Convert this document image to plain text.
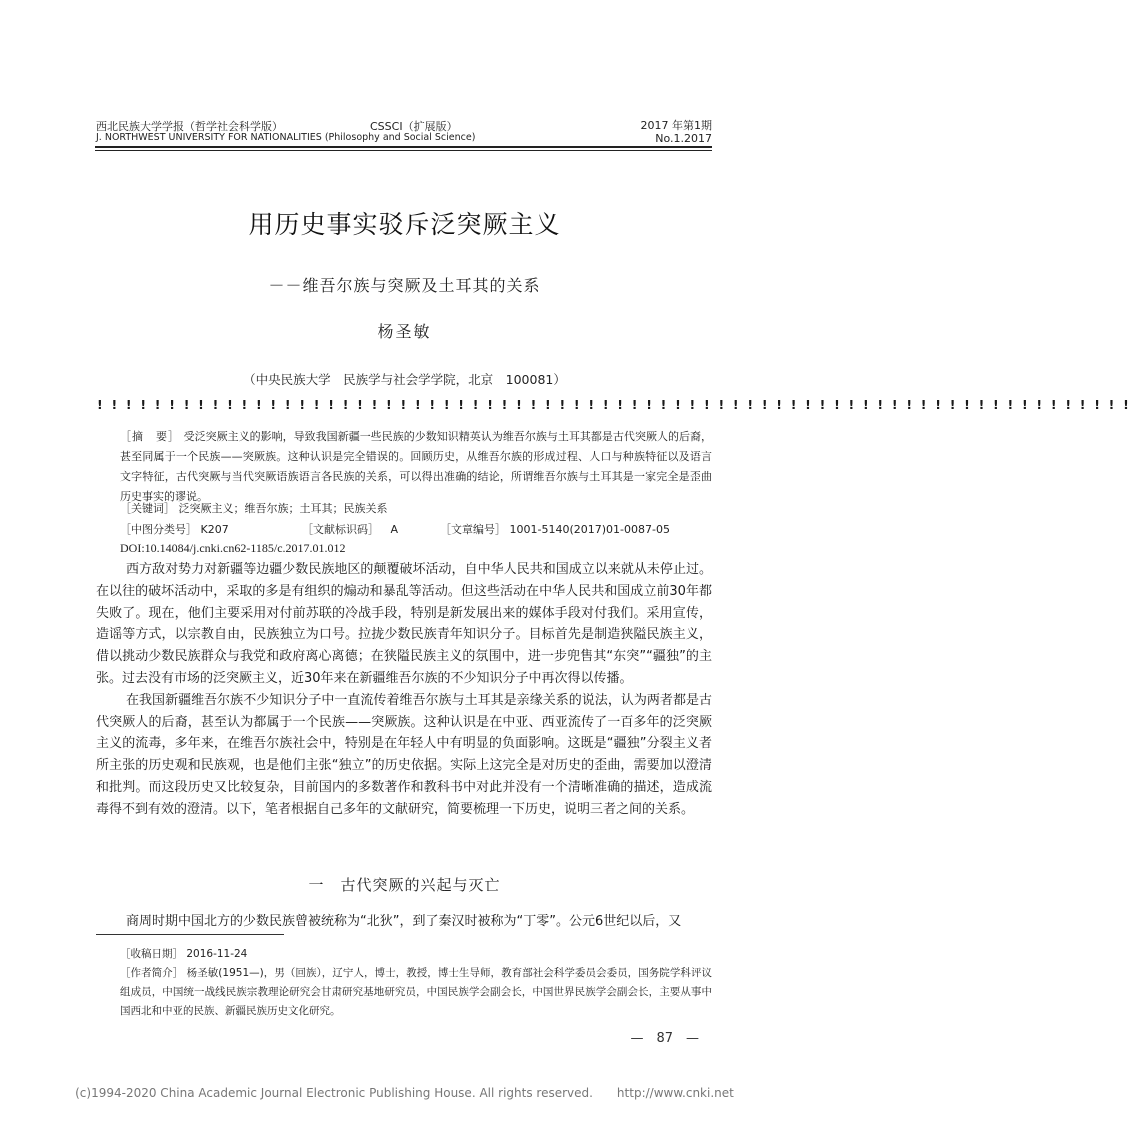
西北民族大学学报（哲学社会科学版）
J. NORTHWEST UNIVERSITY FOR NATIONALITIES (Philosophy and Social Science)
CSSCI（扩展版）	2017 年第1期
No.1.2017
用历史事实驳斥泛突厥主义
－－维吾尔族与突厥及土耳其的关系
杨圣敏
（中央民族大学　民族学与社会学学院，北京　100081）
! ! ! ! ! ! ! ! ! ! ! ! ! ! ! ! ! ! ! ! ! ! ! ! ! ! ! ! ! ! ! ! ! ! ! ! ! ! ! ! ! ! ! ! ! ! ! ! ! ! ! ! ! ! ! ! ! ! ! ! ! ! ! ! ! ! ! ! ! ! ! !

［摘　要］ 受泛突厥主义的影响，导致我国新疆一些民族的少数知识精英认为维吾尔族与土耳其都是古代突厥人的后裔，甚至同属于一个民族——突厥族。这种认识是完全错误的。回顾历史，从维吾尔族的形成过程、人口与种族特征以及语言文字特征，古代突厥与当代突厥语族语言各民族的关系，可以得出准确的结论，所谓维吾尔族与土耳其是一家完全是歪曲历史事实的谬说。

［关键词］ 泛突厥主义；维吾尔族；土耳其；民族关系
［中图分类号］ K207	［文献标识码］ A	［文章编号］ 1001-5140(2017)01-0087-05
DOI:10.14084/j.cnki.cn62-1185/c.2017.01.012

西方敌对势力对新疆等边疆少数民族地区的颠覆破坏活动，自中华人民共和国成立以来就从未停止过。在以往的破坏活动中，采取的多是有组织的煽动和暴乱等活动。但这些活动在中华人民共和国成立前30年都失败了。现在，他们主要采用对付前苏联的冷战手段，特别是新发展出来的媒体手段对付我们。采用宣传，造谣等方式，以宗教自由，民族独立为口号。拉拢少数民族青年知识分子。目标首先是制造狭隘民族主义，借以挑动少数民族群众与我党和政府离心离德；在狭隘民族主义的氛围中，进一步兜售其“东突”“疆独”的主张。过去没有市场的泛突厥主义，近30年来在新疆维吾尔族的不少知识分子中再次得以传播。

在我国新疆维吾尔族不少知识分子中一直流传着维吾尔族与土耳其是亲缘关系的说法，认为两者都是古代突厥人的后裔，甚至认为都属于一个民族——突厥族。这种认识是在中亚、西亚流传了一百多年的泛突厥主义的流毒，多年来，在维吾尔族社会中，特别是在年轻人中有明显的负面影响。这既是“疆独”分裂主义者所主张的历史观和民族观，也是他们主张“独立”的历史依据。实际上这完全是对历史的歪曲，需要加以澄清和批判。而这段历史又比较复杂，目前国内的多数著作和教科书中对此并没有一个清晰准确的描述，造成流毒得不到有效的澄清。以下，笔者根据自己多年的文献研究，简要梳理一下历史，说明三者之间的关系。

一　古代突厥的兴起与灭亡

商周时期中国北方的少数民族曾被统称为“北狄”，到了秦汉时被称为“丁零”。公元6世纪以后，又

［收稿日期］ 2016-11-24

［作者简介］ 杨圣敏(1951—)，男（回族），辽宁人，博士，教授，博士生导师，教育部社会科学委员会委员，国务院学科评议组成员，中国统一战线民族宗教理论研究会甘肃研究基地研究员，中国民族学会副会长，中国世界民族学会副会长，主要从事中国西北和中亚的民族、新疆民族历史文化研究。

—　87　—
(c)1994-2020 China Academic Journal Electronic Publishing House. All rights reserved.　　http://www.cnki.net
